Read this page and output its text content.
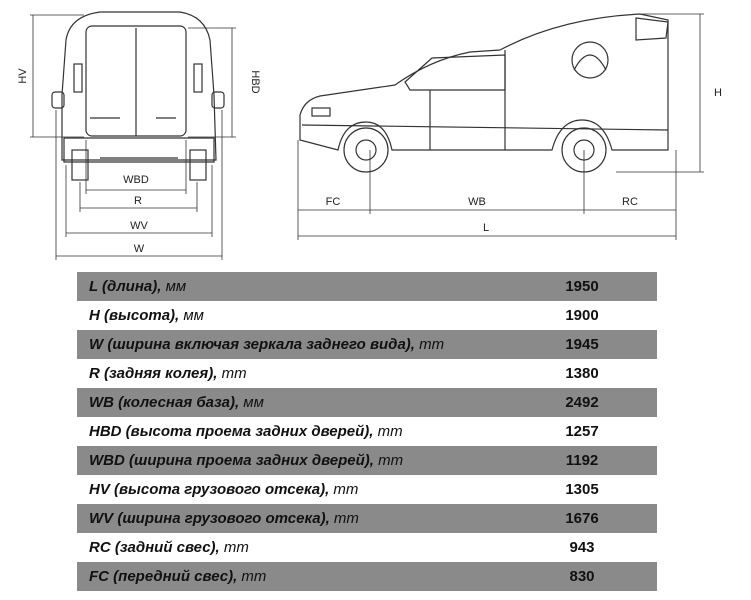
HV	HBD
WBD
R
WV
W
H
FC	WB	RC
L
L (длина), мм	1950
H (высота), мм	1900
W (ширина включая зеркала заднего вида), mm	1945
R (задняя колея), mm	1380
WB (колесная база), мм	2492
HBD (высота проема задних дверей), mm	1257
WBD (ширина проема задних дверей), mm	1192
HV (высота грузового отсека), mm	1305
WV (ширина грузового отсека), mm	1676
RC (задний свес), mm	943
FC (передний свес), mm	830
